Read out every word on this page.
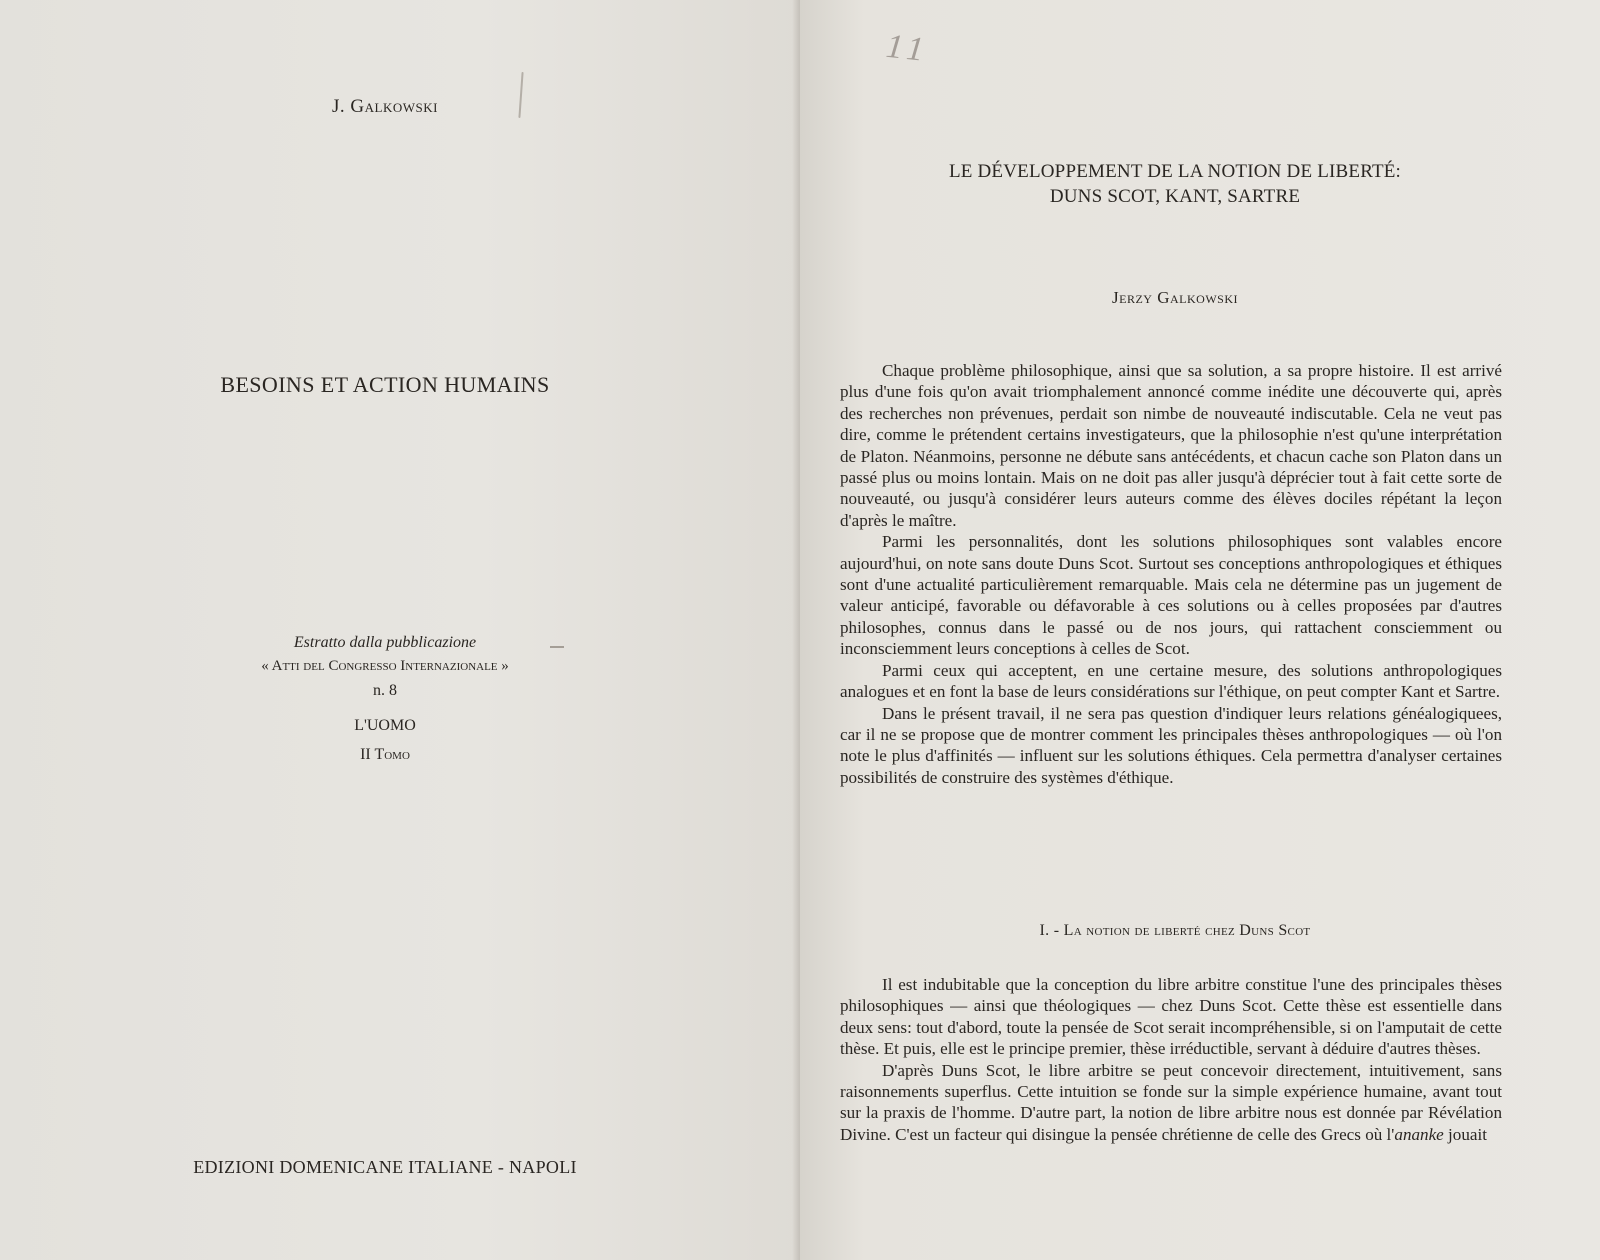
J. Galkowski
BESOINS ET ACTION HUMAINS
Estratto dalla pubblicazione
« Atti del Congresso Internazionale »
n. 8
L'UOMO
II Tomo
EDIZIONI DOMENICANE ITALIANE - NAPOLI
11
LE DÉVELOPPEMENT DE LA NOTION DE LIBERTÉ:
DUNS SCOT, KANT, SARTRE
Jerzy Galkowski

Chaque problème philosophique, ainsi que sa solution, a sa propre histoire. Il est arrivé plus d'une fois qu'on avait triomphalement annoncé comme inédite une découverte qui, après des recherches non prévenues, perdait son nimbe de nouveauté indiscutable. Cela ne veut pas dire, comme le prétendent certains investigateurs, que la philosophie n'est qu'une interprétation de Platon. Néanmoins, personne ne débute sans antécédents, et chacun cache son Platon dans un passé plus ou moins lontain. Mais on ne doit pas aller jusqu'à déprécier tout à fait cette sorte de nouveauté, ou jusqu'à considérer leurs auteurs comme des élèves dociles répétant la leçon d'après le maître.

Parmi les personnalités, dont les solutions philosophiques sont valables encore aujourd'hui, on note sans doute Duns Scot. Surtout ses conceptions anthropologiques et éthiques sont d'une actualité particulièrement remarquable. Mais cela ne détermine pas un jugement de valeur anticipé, favorable ou défavorable à ces solutions ou à celles proposées par d'autres philosophes, connus dans le passé ou de nos jours, qui rattachent consciemment ou inconsciemment leurs conceptions à celles de Scot.

Parmi ceux qui acceptent, en une certaine mesure, des solutions anthropologiques analogues et en font la base de leurs considérations sur l'éthique, on peut compter Kant et Sartre.

Dans le présent travail, il ne sera pas question d'indiquer leurs relations généalogiquees, car il ne se propose que de montrer comment les principales thèses anthropologiques — où l'on note le plus d'affinités — influent sur les solutions éthiques. Cela permettra d'analyser certaines possibilités de construire des systèmes d'éthique.

I. - La notion de liberté chez Duns Scot

Il est indubitable que la conception du libre arbitre constitue l'une des principales thèses philosophiques — ainsi que théologiques — chez Duns Scot. Cette thèse est essentielle dans deux sens: tout d'abord, toute la pensée de Scot serait incompréhensible, si on l'amputait de cette thèse. Et puis, elle est le principe premier, thèse irréductible, servant à déduire d'autres thèses.

D'après Duns Scot, le libre arbitre se peut concevoir directement, intuitivement, sans raisonnements superflus. Cette intuition se fonde sur la simple expérience humaine, avant tout sur la praxis de l'homme. D'autre part, la notion de libre arbitre nous est donnée par Révélation Divine. C'est un facteur qui disingue la pensée chrétienne de celle des Grecs où l'ananke jouait
